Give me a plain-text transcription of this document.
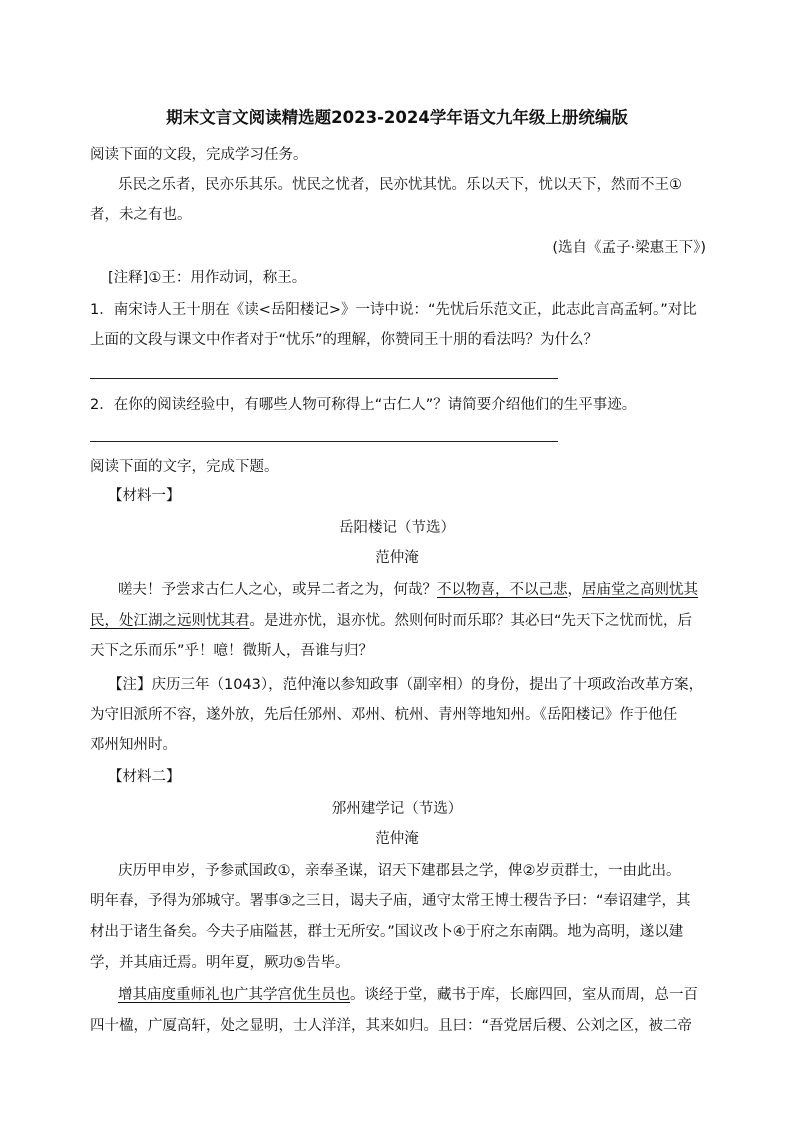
期末文言文阅读精选题2023-2024学年语文九年级上册统编版
阅读下面的文段，完成学习任务。
乐民之乐者，民亦乐其乐。忧民之忧者，民亦忧其忧。乐以天下，忧以天下，然而不王①
者，未之有也。
(选自《孟子·梁惠王下》)
[注释]①王：用作动词，称王。
1．南宋诗人王十朋在《读<岳阳楼记>》一诗中说：“先忧后乐范文正，此志此言高孟轲。”对比
上面的文段与课文中作者对于“忧乐”的理解，你赞同王十朋的看法吗？为什么？
2．在你的阅读经验中，有哪些人物可称得上“古仁人”？请简要介绍他们的生平事迹。
阅读下面的文字，完成下题。
【材料一】
岳阳楼记（节选）
范仲淹
嗟夫！予尝求古仁人之心，或异二者之为，何哉？不以物喜，不以己悲，居庙堂之高则忧其
民，处江湖之远则忧其君。是进亦忧，退亦忧。然则何时而乐耶？其必曰“先天下之忧而忧，后
天下之乐而乐”乎！噫！微斯人，吾谁与归？
【注】庆历三年（1043），范仲淹以参知政事（副宰相）的身份，提出了十项政治改革方案，
为守旧派所不容，遂外放，先后任邠州、邓州、杭州、青州等地知州。《岳阳楼记》作于他任
邓州知州时。
【材料二】
邠州建学记（节选）
范仲淹
庆历甲申岁，予参贰国政①，亲奉圣谋，诏天下建郡县之学，俾②岁贡群士，一由此出。
明年春，予得为邠城守。署事③之三日，谒夫子庙，通守太常王博士稷告予曰：“奉诏建学，其
材出于诸生备矣。今夫子庙隘甚，群士无所安。”国议改卜④于府之东南隅。地为高明，遂以建
学，并其庙迁焉。明年夏，厥功⑤告毕。
增其庙度重师礼也广其学宫优生员也。谈经于堂，藏书于库，长廊四回，室从而周，总一百
四十楹，广厦高轩，处之显明，士人洋洋，其来如归。且曰：“吾党居后稷、公刘之区，被二帝
